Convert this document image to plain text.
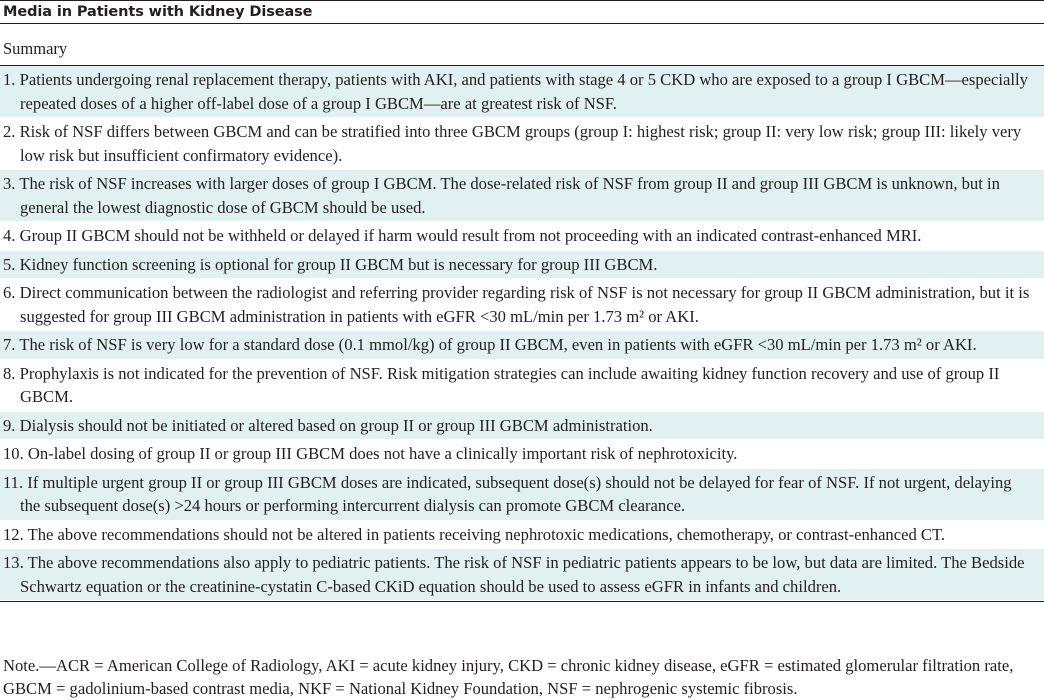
Media in Patients with Kidney Disease
Summary
1. Patients undergoing renal replacement therapy, patients with AKI, and patients with stage 4 or 5 CKD who are exposed to a group I GBCM—especially repeated doses of a higher off-label dose of a group I GBCM—are at greatest risk of NSF.
2. Risk of NSF differs between GBCM and can be stratified into three GBCM groups (group I: highest risk; group II: very low risk; group III: likely very low risk but insufficient confirmatory evidence).
3. The risk of NSF increases with larger doses of group I GBCM. The dose-related risk of NSF from group II and group III GBCM is unknown, but in general the lowest diagnostic dose of GBCM should be used.
4. Group II GBCM should not be withheld or delayed if harm would result from not proceeding with an indicated contrast-enhanced MRI.
5. Kidney function screening is optional for group II GBCM but is necessary for group III GBCM.
6. Direct communication between the radiologist and referring provider regarding risk of NSF is not necessary for group II GBCM administration, but it is suggested for group III GBCM administration in patients with eGFR <30 mL/min per 1.73 m² or AKI.
7. The risk of NSF is very low for a standard dose (0.1 mmol/kg) of group II GBCM, even in patients with eGFR <30 mL/min per 1.73 m² or AKI.
8. Prophylaxis is not indicated for the prevention of NSF. Risk mitigation strategies can include awaiting kidney function recovery and use of group II GBCM.
9. Dialysis should not be initiated or altered based on group II or group III GBCM administration.
10. On-label dosing of group II or group III GBCM does not have a clinically important risk of nephrotoxicity.
11. If multiple urgent group II or group III GBCM doses are indicated, subsequent dose(s) should not be delayed for fear of NSF. If not urgent, delaying the subsequent dose(s) >24 hours or performing intercurrent dialysis can promote GBCM clearance.
12. The above recommendations should not be altered in patients receiving nephrotoxic medications, chemotherapy, or contrast-enhanced CT.
13. The above recommendations also apply to pediatric patients. The risk of NSF in pediatric patients appears to be low, but data are limited. The Bedside Schwartz equation or the creatinine-cystatin C-based CKiD equation should be used to assess eGFR in infants and children.
Note.—ACR = American College of Radiology, AKI = acute kidney injury, CKD = chronic kidney disease, eGFR = estimated glomerular filtration rate, GBCM = gadolinium-based contrast media, NKF = National Kidney Foundation, NSF = nephrogenic systemic fibrosis.
